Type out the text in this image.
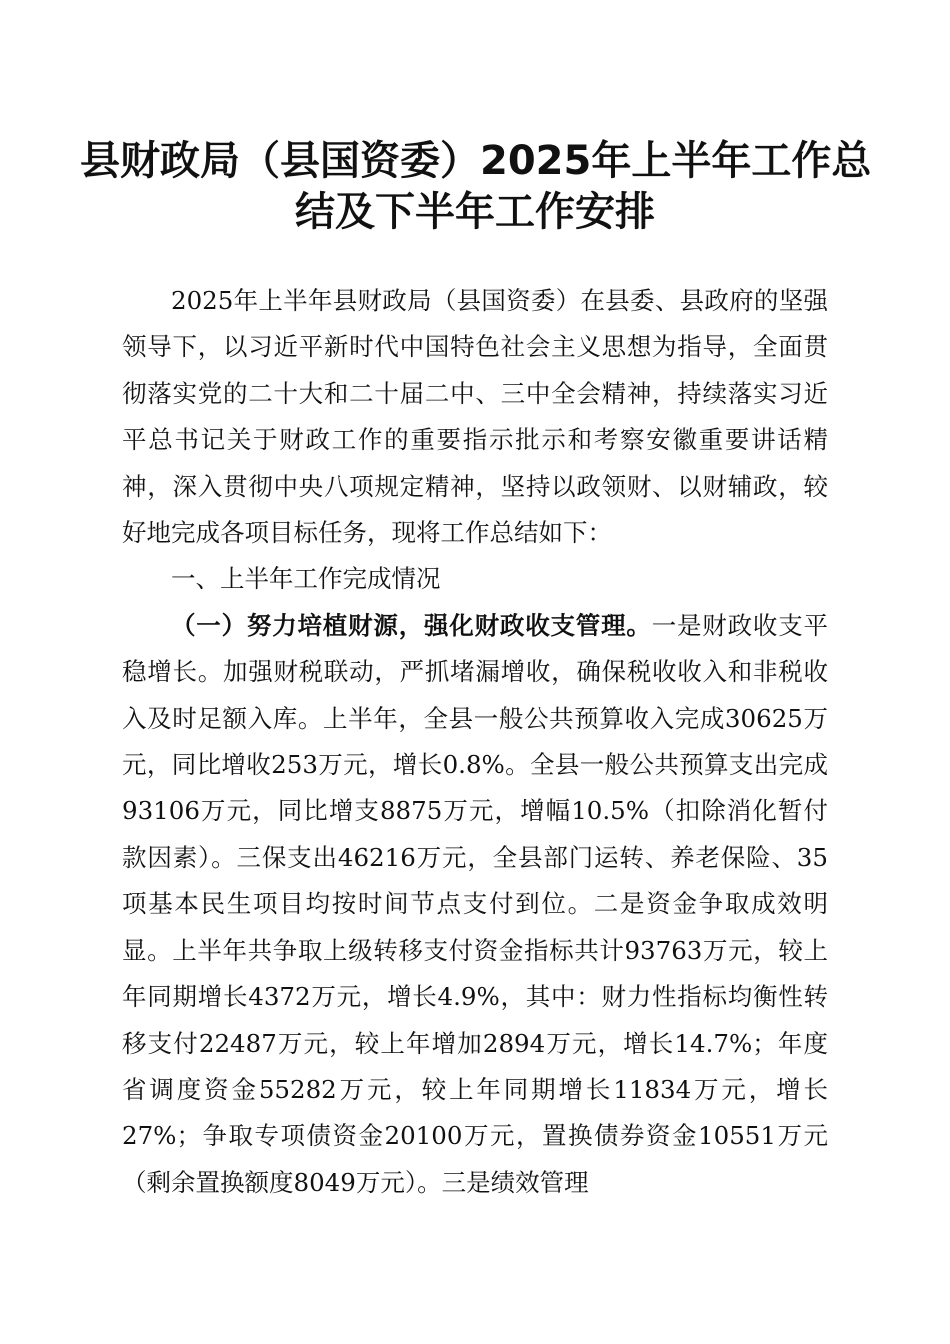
县财政局（县国资委）2025年上半年工作总
结及下半年工作安排

2025年上半年县财政局（县国资委）在县委、县政府的坚强领导下，以习近平新时代中国特色社会主义思想为指导，全面贯彻落实党的二十大和二十届二中、三中全会精神，持续落实习近平总书记关于财政工作的重要指示批示和考察安徽重要讲话精神，深入贯彻中央八项规定精神，坚持以政领财、以财辅政，较好地完成各项目标任务，现将工作总结如下：

一、上半年工作完成情况

（一）努力培植财源，强化财政收支管理。一是财政收支平稳增长。加强财税联动，严抓堵漏增收，确保税收收入和非税收入及时足额入库。上半年，全县一般公共预算收入完成30625万元，同比增收253万元，增长0.8%。全县一般公共预算支出完成93106万元，同比增支8875万元，增幅10.5%（扣除消化暂付款因素）。三保支出46216万元，全县部门运转、养老保险、35项基本民生项目均按时间节点支付到位。二是资金争取成效明显。上半年共争取上级转移支付资金指标共计93763万元，较上年同期增长4372万元，增长4.9%，其中：财力性指标均衡性转移支付22487万元，较上年增加2894万元，增长14.7%；年度省调度资金55282万元，较上年同期增长11834万元，增长27%；争取专项债资金20100万元，置换债券资金10551万元（剩余置换额度8049万元）。三是绩效管理
